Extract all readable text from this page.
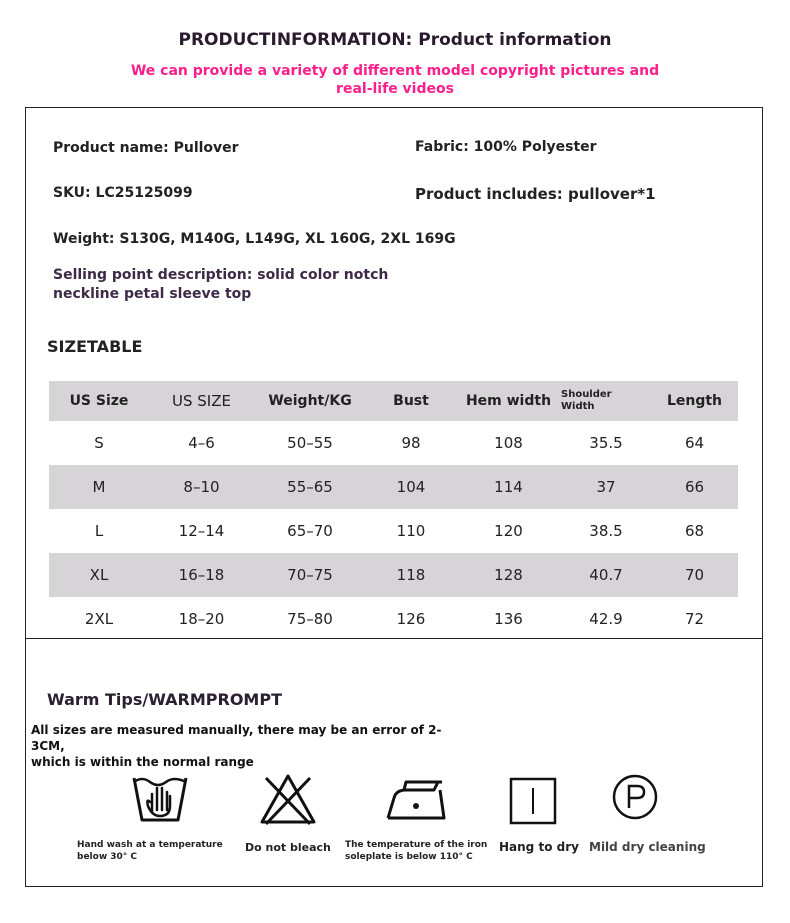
PRODUCTINFORMATION: Product information
We can provide a variety of different model copyright pictures and
real-life videos
Product name: Pullover	Fabric: 100% Polyester
SKU: LC25125099	Product includes: pullover*1
Weight: S130G, M140G, L149G, XL 160G, 2XL 169G
Selling point description: solid color notch
neckline petal sleeve top
SIZETABLE
US Size	US SIZE	Weight/KG	Bust	Hem width	Shoulder
Width	Length
S	4–6	50–55	98	108	35.5	64
M	8–10	55–65	104	114	37	66
L	12–14	65–70	110	120	38.5	68
XL	16–18	70–75	118	128	40.7	70
2XL	18–20	75–80	126	136	42.9	72
Warm Tips/WARMPROMPT
All sizes are measured manually, there may be an error of 2-3CM,
which is within the normal range
Hand wash at a temperature
below 30° C
Do not bleach The temperature of the iron
soleplate is below 110° C
Hang to dry Mild dry cleaning
